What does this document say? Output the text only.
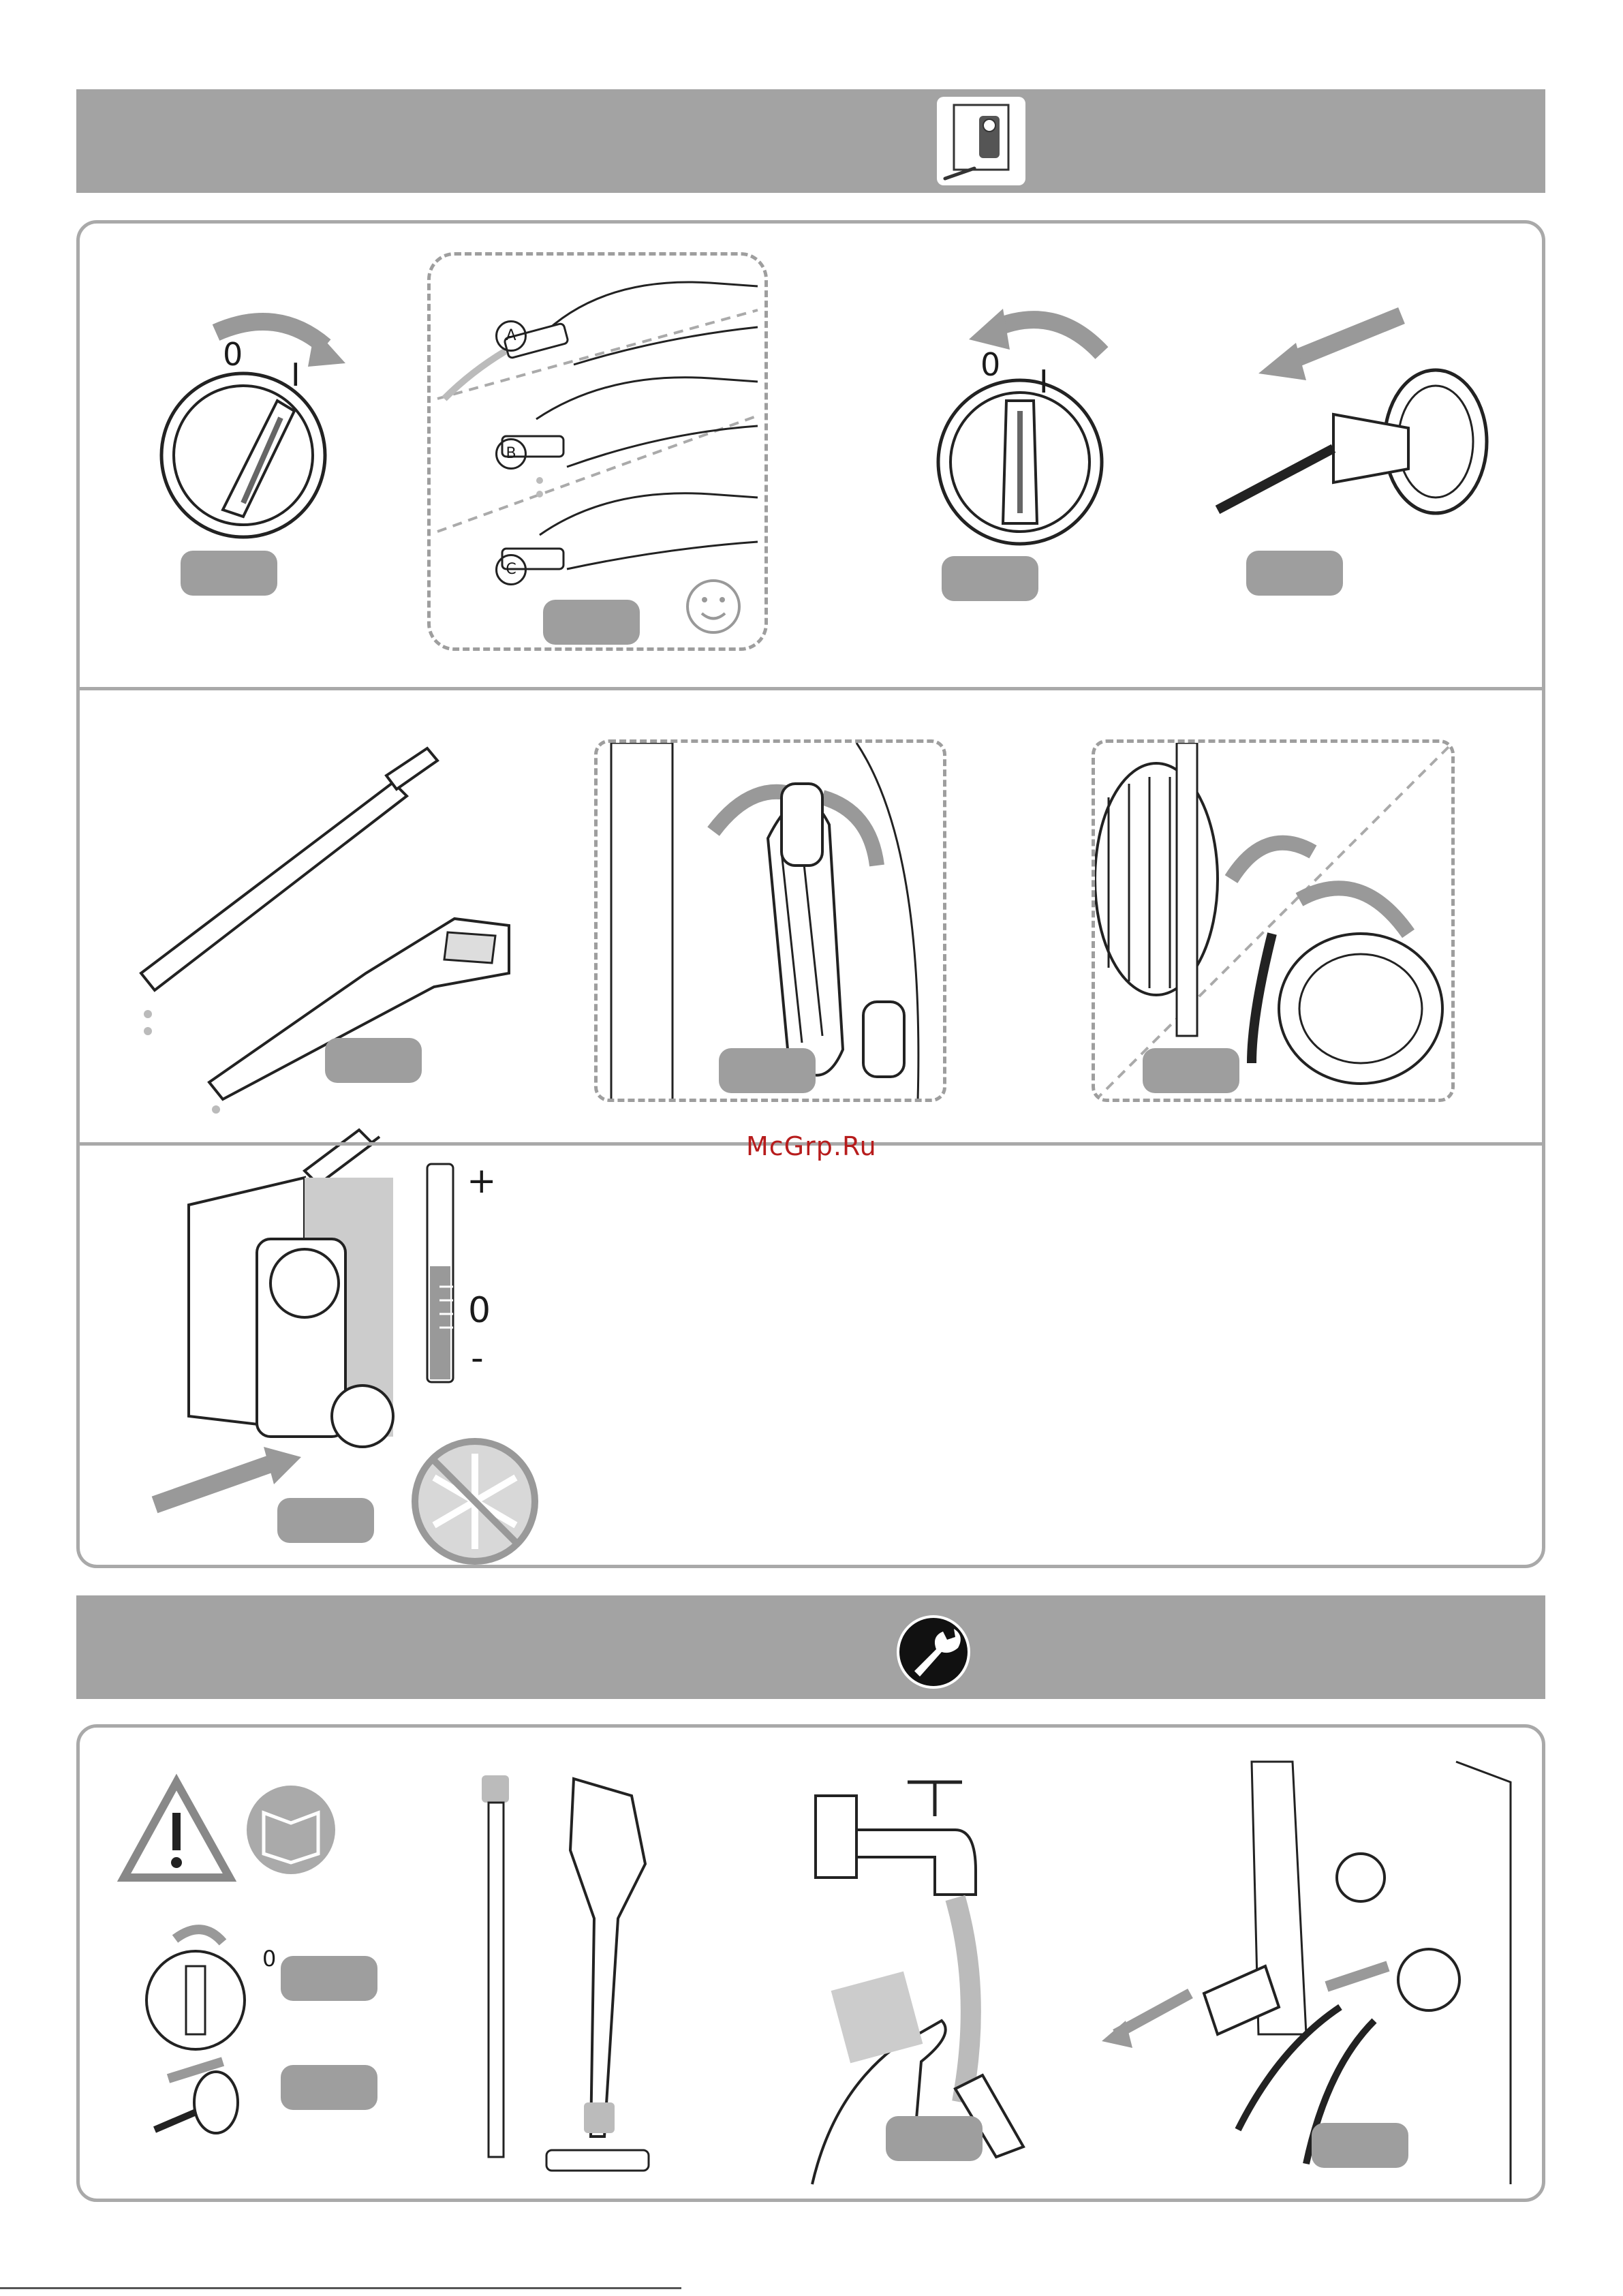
0
I
A
B
C
0 I
+
0
-
McGrp.Ru
0
